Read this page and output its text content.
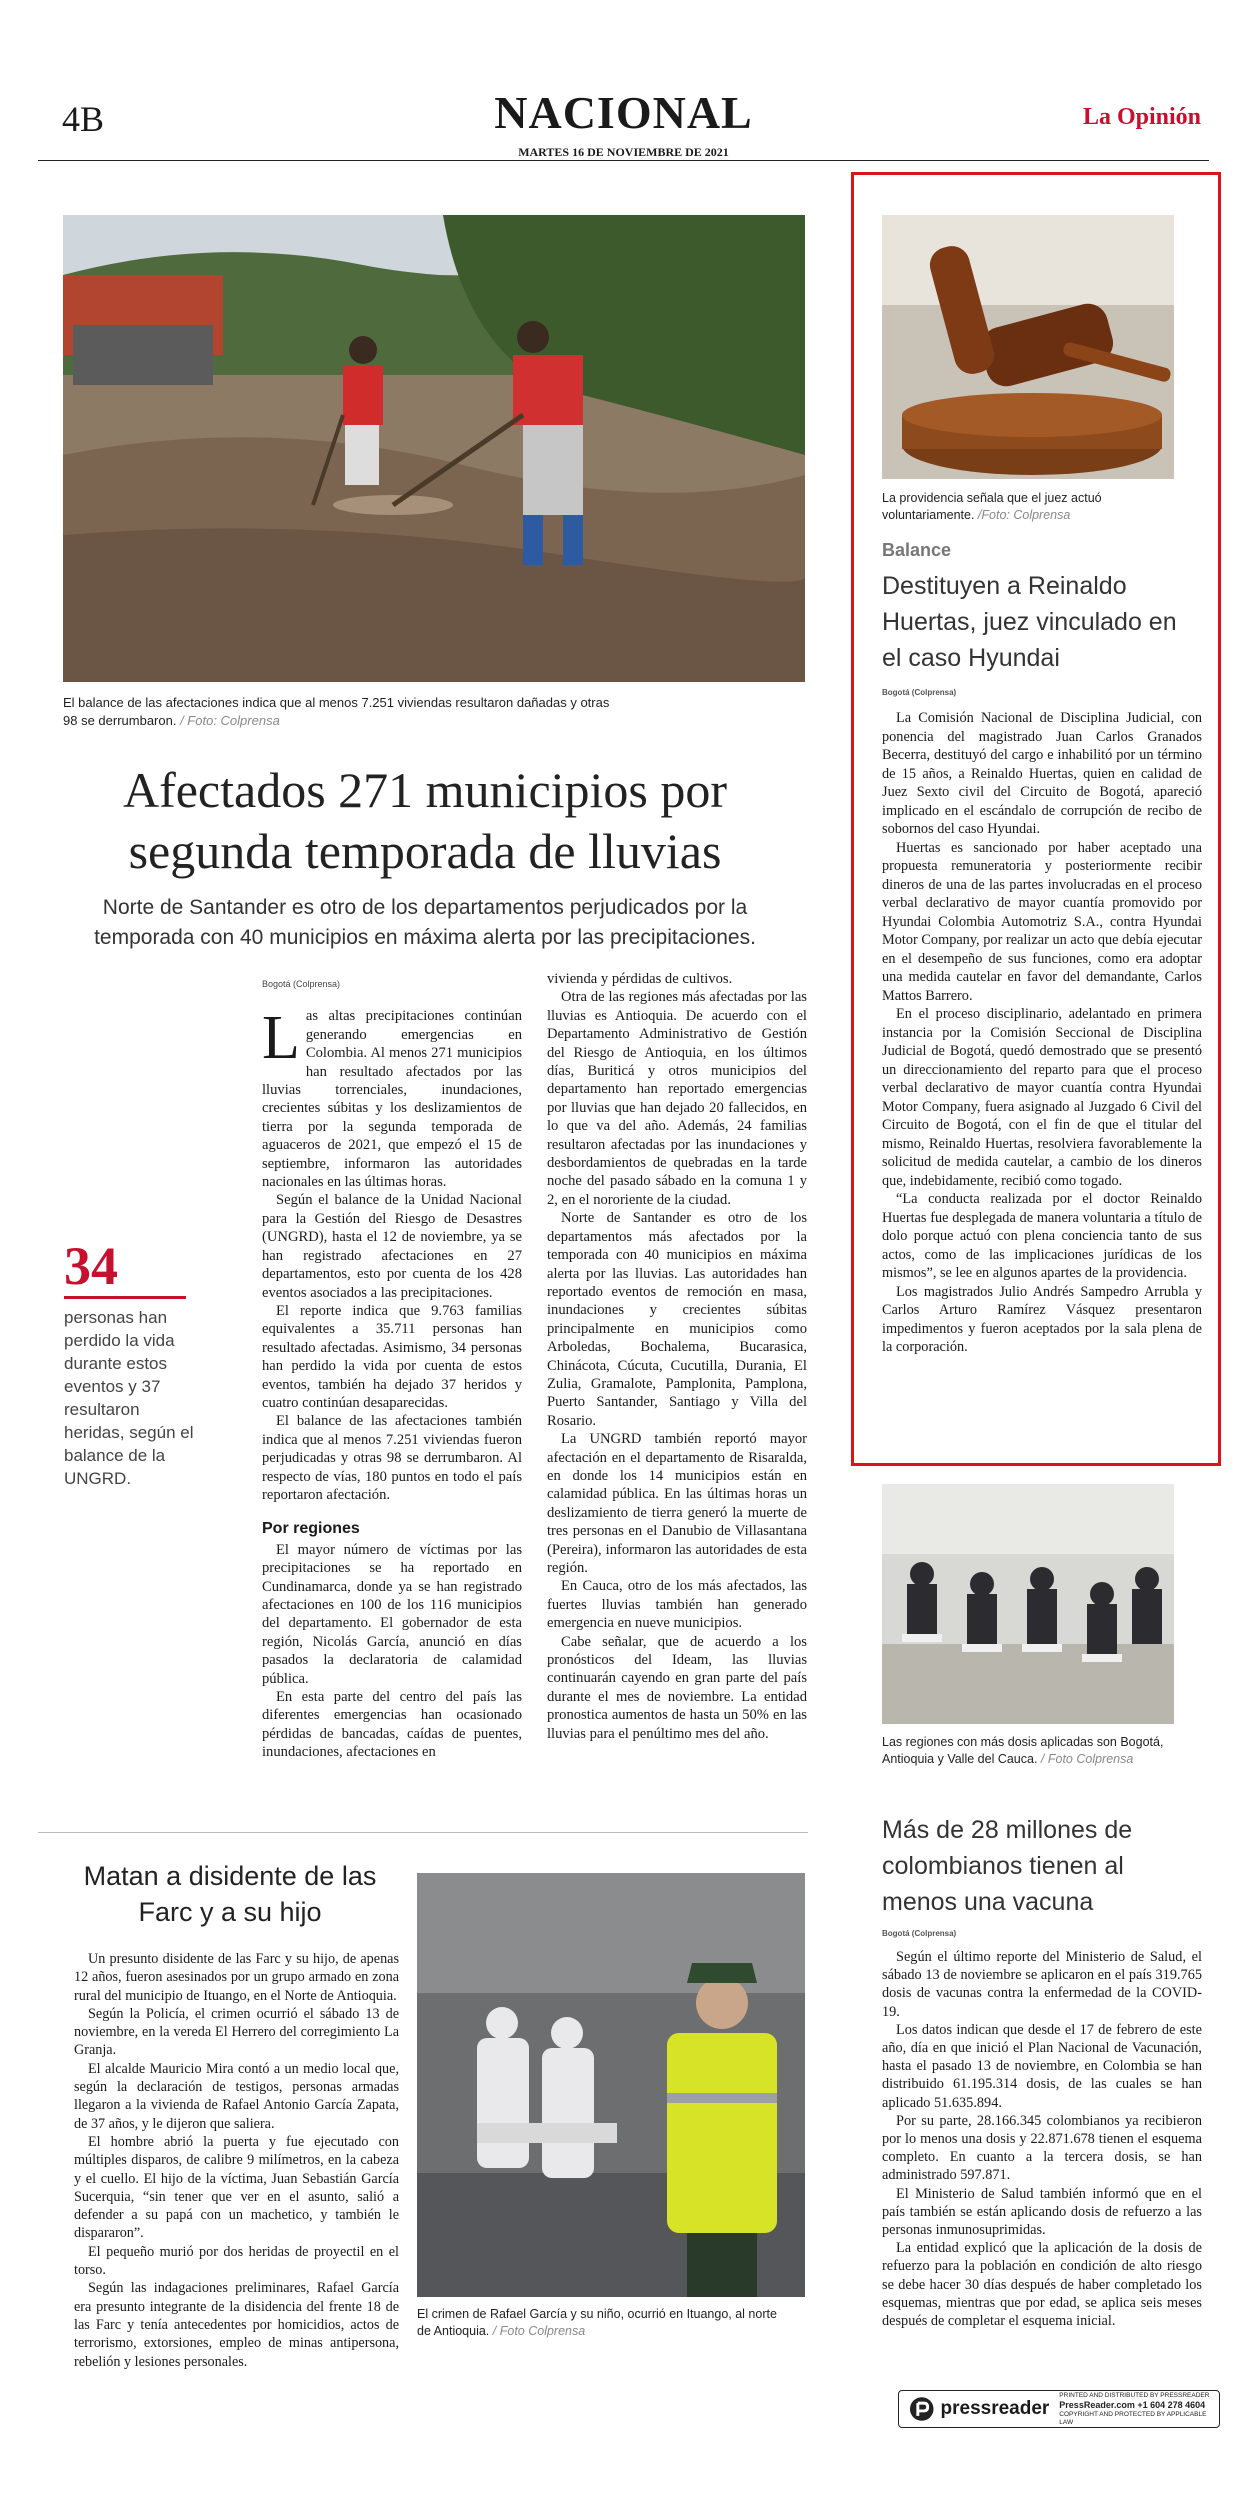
4B	NACIONAL
MARTES 16 DE NOVIEMBRE DE 2021
La Opinión
El balance de las afectaciones indica que al menos 7.251 viviendas resultaron dañadas y otras 98 se derrumbaron. / Foto: Colprensa
Afectados 271 municipios por segunda temporada de lluvias
Norte de Santander es otro de los departamentos perjudicados por la temporada con 40 municipios en máxima alerta por las precipitaciones.
Bogotá (Colprensa)

Las altas precipitaciones continúan generando emergencias en Colombia. Al menos 271 municipios han resultado afectados por las lluvias torrenciales, inundaciones, crecientes súbitas y los deslizamientos de tierra por la segunda temporada de aguaceros de 2021, que empezó el 15 de septiembre, informaron las autoridades nacionales en las últimas horas.

Según el balance de la Unidad Nacional para la Gestión del Riesgo de Desastres (UNGRD), hasta el 12 de noviembre, ya se han registrado afectaciones en 27 departamentos, esto por cuenta de los 428 eventos asociados a las precipitaciones.

El reporte indica que 9.763 familias equivalentes a 35.711 personas han resultado afectadas. Asimismo, 34 personas han perdido la vida por cuenta de estos eventos, también ha dejado 37 heridos y cuatro continúan desaparecidas.

El balance de las afectaciones también indica que al menos 7.251 viviendas fueron perjudicadas y otras 98 se derrumbaron. Al respecto de vías, 180 puntos en todo el país reportaron afectación.

Por regiones

El mayor número de víctimas por las precipitaciones se ha reportado en Cundinamarca, donde ya se han registrado afectaciones en 100 de los 116 municipios del departamento. El gobernador de esta región, Nicolás García, anunció en días pasados la declaratoria de calamidad pública.

En esta parte del centro del país las diferentes emergencias han ocasionado pérdidas de bancadas, caídas de puentes, inundaciones, afectaciones en

vivienda y pérdidas de cultivos.

Otra de las regiones más afectadas por las lluvias es Antioquia. De acuerdo con el Departamento Administrativo de Gestión del Riesgo de Antioquia, en los últimos días, Buriticá y otros municipios del departamento han reportado emergencias por lluvias que han dejado 20 fallecidos, en lo que va del año. Además, 24 familias resultaron afectadas por las inundaciones y desbordamientos de quebradas en la tarde noche del pasado sábado en la comuna 1 y 2, en el nororiente de la ciudad.

Norte de Santander es otro de los departamentos más afectados por la temporada con 40 municipios en máxima alerta por las lluvias. Las autoridades han reportado eventos de remoción en masa, inundaciones y crecientes súbitas principalmente en municipios como Arboledas, Bochalema, Bucarasica, Chinácota, Cúcuta, Cucutilla, Durania, El Zulia, Gramalote, Pamplonita, Pamplona, Puerto Santander, Santiago y Villa del Rosario.

La UNGRD también reportó mayor afectación en el departamento de Risaralda, en donde los 14 municipios están en calamidad pública. En las últimas horas un deslizamiento de tierra generó la muerte de tres personas en el Danubio de Villasantana (Pereira), informaron las autoridades de esta región.

En Cauca, otro de los más afectados, las fuertes lluvias también han generado emergencia en nueve municipios.

Cabe señalar, que de acuerdo a los pronósticos del Ideam, las lluvias continuarán cayendo en gran parte del país durante el mes de noviembre. La entidad pronostica aumentos de hasta un 50% en las lluvias para el penúltimo mes del año.

34
personas han perdido la vida durante estos eventos y 37 resultaron heridas, según el balance de la UNGRD.
La providencia señala que el juez actuó voluntariamente. /Foto: Colprensa
Balance
Destituyen a Reinaldo Huertas, juez vinculado en el caso Hyundai
Bogotá (Colprensa)

La Comisión Nacional de Disciplina Judicial, con ponencia del magistrado Juan Carlos Granados Becerra, destituyó del cargo e inhabilitó por un término de 15 años, a Reinaldo Huertas, quien en calidad de Juez Sexto civil del Circuito de Bogotá, apareció implicado en el escándalo de corrupción de recibo de sobornos del caso Hyundai.

Huertas es sancionado por haber aceptado una propuesta remuneratoria y posteriormente recibir dineros de una de las partes involucradas en el proceso verbal declarativo de mayor cuantía promovido por Hyundai Colombia Automotriz S.A., contra Hyundai Motor Company, por realizar un acto que debía ejecutar en el desempeño de sus funciones, como era adoptar una medida cautelar en favor del demandante, Carlos Mattos Barrero.

En el proceso disciplinario, adelantado en primera instancia por la Comisión Seccional de Disciplina Judicial de Bogotá, quedó demostrado que se presentó un direccionamiento del reparto para que el proceso verbal declarativo de mayor cuantía contra Hyundai Motor Company, fuera asignado al Juzgado 6 Civil del Circuito de Bogotá, con el fin de que el titular del mismo, Reinaldo Huertas, resolviera favorablemente la solicitud de medida cautelar, a cambio de los dineros que, indebidamente, recibió como togado.

“La conducta realizada por el doctor Reinaldo Huertas fue desplegada de manera voluntaria a título de dolo porque actuó con plena conciencia tanto de sus actos, como de las implicaciones jurídicas de los mismos”, se lee en algunos apartes de la providencia.

Los magistrados Julio Andrés Sampedro Arrubla y Carlos Arturo Ramírez Vásquez presentaron impedimentos y fueron aceptados por la sala plena de la corporación.

Las regiones con más dosis aplicadas son Bogotá, Antioquia y Valle del Cauca. / Foto Colprensa
Más de 28 millones de colombianos tienen al menos una vacuna
Bogotá (Colprensa)

Según el último reporte del Ministerio de Salud, el sábado 13 de noviembre se aplicaron en el país 319.765 dosis de vacunas contra la enfermedad de la COVID-19.

Los datos indican que desde el 17 de febrero de este año, día en que inició el Plan Nacional de Vacunación, hasta el pasado 13 de noviembre, en Colombia se han distribuido 61.195.314 dosis, de las cuales se han aplicado 51.635.894.

Por su parte, 28.166.345 colombianos ya recibieron por lo menos una dosis y 22.871.678 tienen el esquema completo. En cuanto a la tercera dosis, se han administrado 597.871.

El Ministerio de Salud también informó que en el país también se están aplicando dosis de refuerzo a las personas inmunosuprimidas.

La entidad explicó que la aplicación de la dosis de refuerzo para la población en condición de alto riesgo se debe hacer 30 días después de haber completado los esquemas, mientras que por edad, se aplica seis meses después de completar el esquema inicial.

Matan a disidente de las Farc y a su hijo

Un presunto disidente de las Farc y su hijo, de apenas 12 años, fueron asesinados por un grupo armado en zona rural del municipio de Ituango, en el Norte de Antioquia.

Según la Policía, el crimen ocurrió el sábado 13 de noviembre, en la vereda El Herrero del corregimiento La Granja.

El alcalde Mauricio Mira contó a un medio local que, según la declaración de testigos, personas armadas llegaron a la vivienda de Rafael Antonio García Zapata, de 37 años, y le dijeron que saliera.

El hombre abrió la puerta y fue ejecutado con múltiples disparos, de calibre 9 milímetros, en la cabeza y el cuello. El hijo de la víctima, Juan Sebastián García Sucerquia, “sin tener que ver en el asunto, salió a defender a su papá con un machetico, y también le dispararon”.

El pequeño murió por dos heridas de proyectil en el torso.

Según las indagaciones preliminares, Rafael García era presunto integrante de la disidencia del frente 18 de las Farc y tenía antecedentes por homicidios, actos de terrorismo, extorsiones, empleo de minas antipersona, rebelión y lesiones personales.

El crimen de Rafael García y su niño, ocurrió en Ituango, al norte de Antioquia. / Foto Colprensa
pressreader
PRINTED AND DISTRIBUTED BY PRESSREADER
PressReader.com +1 604 278 4604
COPYRIGHT AND PROTECTED BY APPLICABLE LAW
